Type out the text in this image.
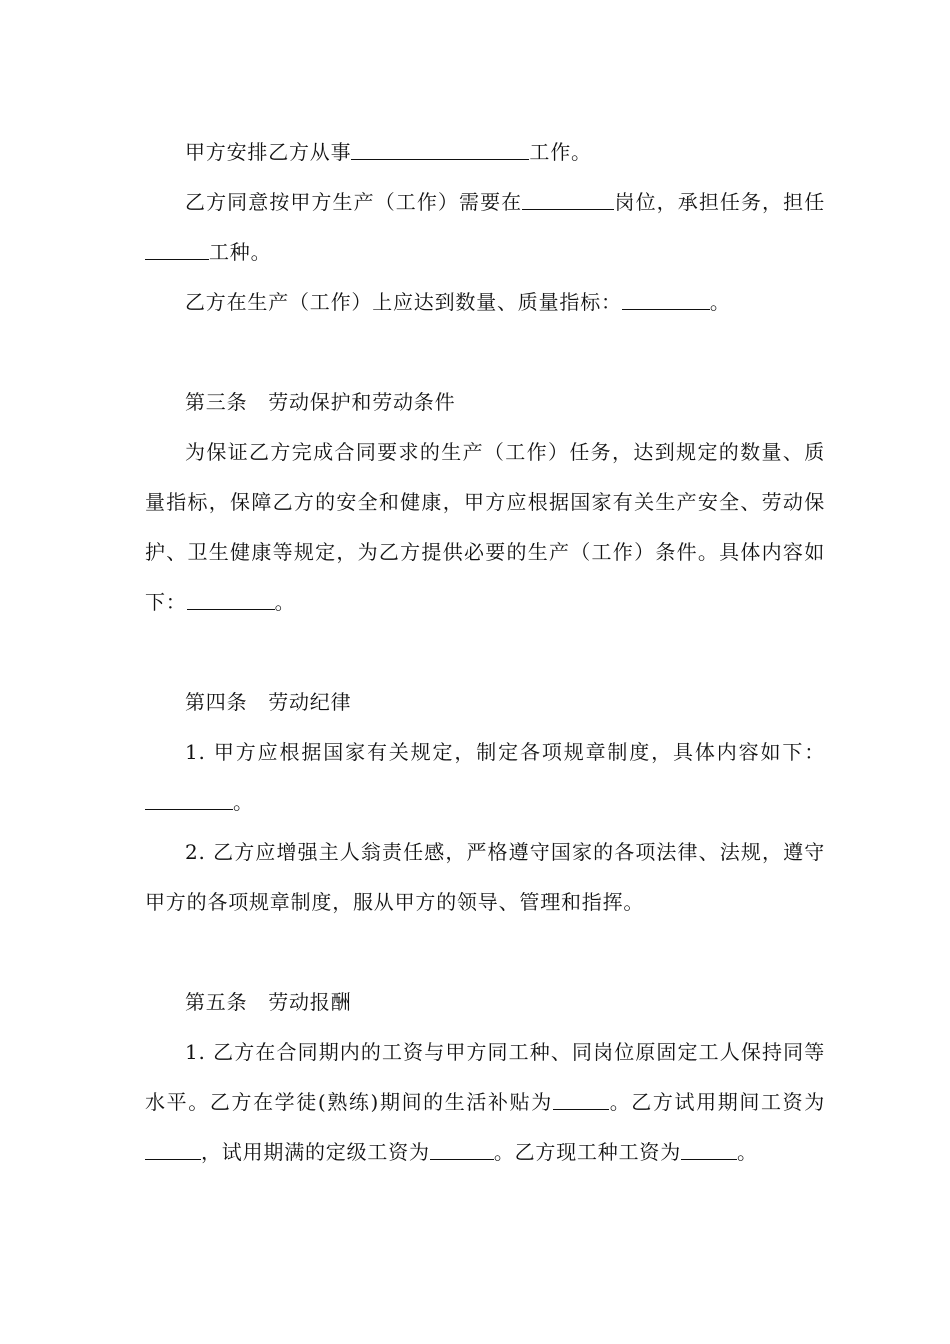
甲方安排乙方从事	工作。

乙方同意按甲方生产（工作）需要在	岗位，承担任务，担任工种。

乙方在生产（工作）上应达到数量、质量指标：	。

第三条　劳动保护和劳动条件

为保证乙方完成合同要求的生产（工作）任务，达到规定的数量、质量指标，保障乙方的安全和健康，甲方应根据国家有关生产安全、劳动保护、卫生健康等规定，为乙方提供必要的生产（工作）条件。具体内容如下：	。

第四条　劳动纪律

1. 甲方应根据国家有关规定，制定各项规章制度，具体内容如下：。

2. 乙方应增强主人翁责任感，严格遵守国家的各项法律、法规，遵守甲方的各项规章制度，服从甲方的领导、管理和指挥。

第五条　劳动报酬

1. 乙方在合同期内的工资与甲方同工种、同岗位原固定工人保持同等水平。乙方在学徒(熟练)期间的生活补贴为	。乙方试用期间工资为，试用期满的定级工资为	。乙方现工种工资为	。
